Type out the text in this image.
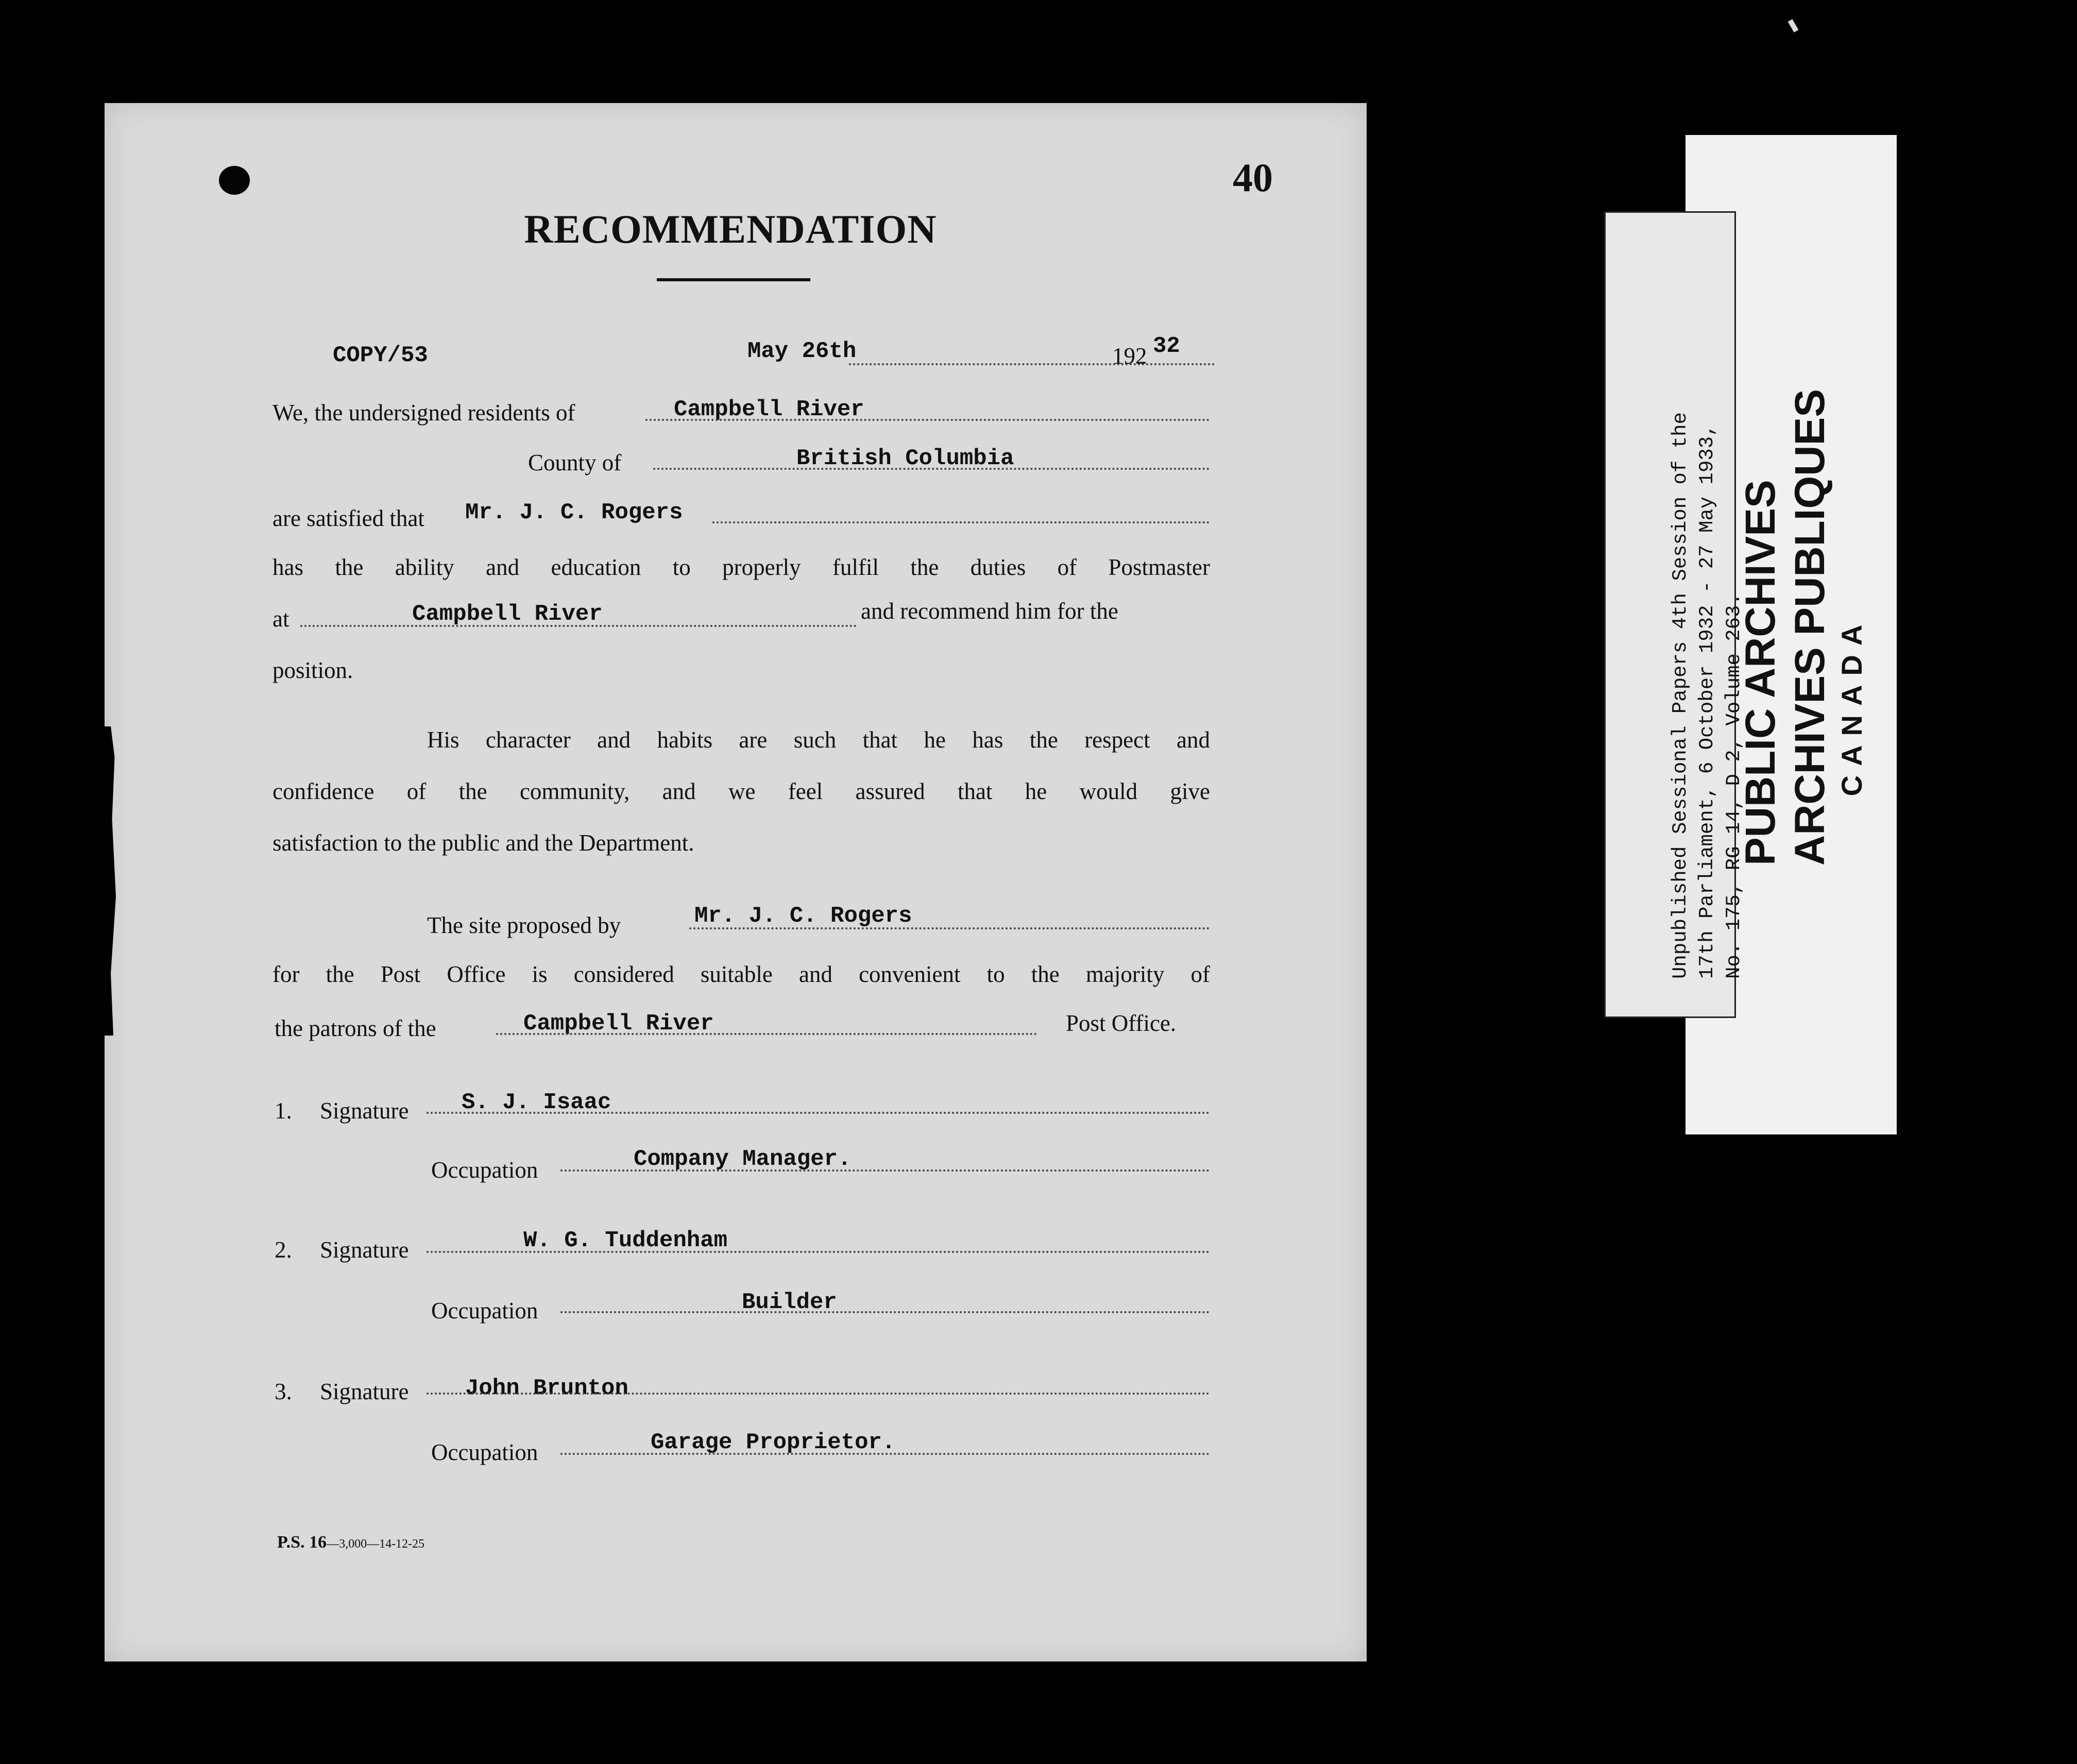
40
RECOMMENDATION
COPY/53	May 26th	192 32
We, the undersigned residents of	Campbell River
County of	British Columbia
are satisfied that Mr. J. C. Rogers
has the ability and education to properly fulfil the duties of Postmaster
at	Campbell River	and recommend him for the
position.
His character and habits are such that he has the respect and
confidence of the community, and we feel assured that he would give
satisfaction to the public and the Department.
The site proposed by	Mr. J. C. Rogers
for the Post Office is considered suitable and convenient to the majority of
the patrons of the	Campbell River	Post Office.
1. Signature S. J. Isaac
Occupation	Company Manager.
2. Signature	W. G. Tuddenham
Occupation	Builder
3. Signature John Brunton
Occupation	Garage Proprietor.
P.S. 16—3,000—14-12-25
Unpublished Sessional Papers 4th Session of the 17th Parliament, 6 October 1932 - 27 May 1933, No. 175, RG 14, D 2, Volume 263.
PUBLIC ARCHIVES ARCHIVES PUBLIQUES CANADA
